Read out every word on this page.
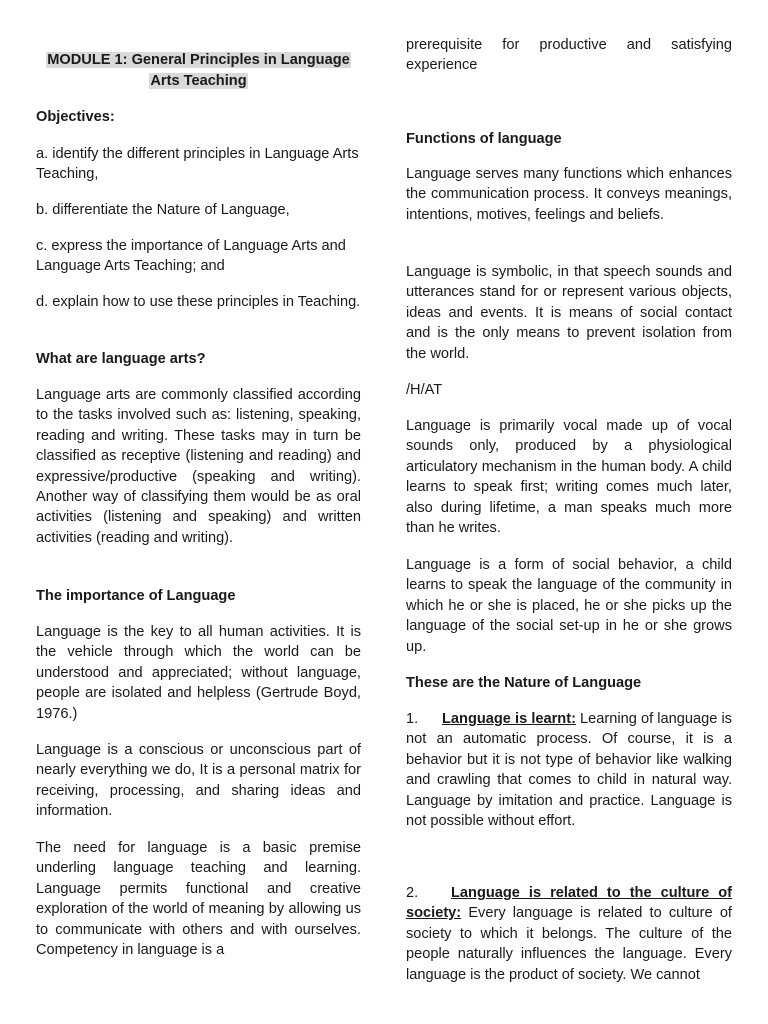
MODULE 1: General Principles in Language Arts Teaching

Objectives:

a. identify the different principles in Language Arts Teaching,

b. differentiate the Nature of Language,

c. express the importance of Language Arts and Language Arts Teaching; and

d. explain how to use these principles in Teaching.

What are language arts?

Language arts are commonly classified according to the tasks involved such as: listening, speaking, reading and writing. These tasks may in turn be classified as receptive (listening and reading) and expressive/productive (speaking and writing). Another way of classifying them would be as oral activities (listening and speaking) and written activities (reading and writing).

The importance of Language

Language is the key to all human activities. It is the vehicle through which the world can be understood and appreciated; without language, people are isolated and helpless (Gertrude Boyd, 1976.)

Language is a conscious or unconscious part of nearly everything we do, It is a personal matrix for receiving, processing, and sharing ideas and information.

The need for language is a basic premise underling language teaching and learning. Language permits functional and creative exploration of the world of meaning by allowing us to communicate with others and with ourselves. Competency in language is a

prerequisite for productive and satisfying experience

Functions of language

Language serves many functions which enhances the communication process. It conveys meanings, intentions, motives, feelings and beliefs.

Language is symbolic, in that speech sounds and utterances stand for or represent various objects, ideas and events. It is means of social contact and is the only means to prevent isolation from the world.

/H/AT

Language is primarily vocal made up of vocal sounds only, produced by a physiological articulatory mechanism in the human body. A child learns to speak first; writing comes much later, also during lifetime, a man speaks much more than he writes.

Language is a form of social behavior, a child learns to speak the language of the community in which he or she is placed, he or she picks up the language of the social set-up in he or she grows up.

These are the Nature of Language

1. Language is learnt: Learning of language is not an automatic process. Of course, it is a behavior but it is not type of behavior like walking and crawling that comes to child in natural way. Language by imitation and practice. Language is not possible without effort.

2. Language is related to the culture of society: Every language is related to culture of society to which it belongs. The culture of the people naturally influences the language. Every language is the product of society. We cannot
